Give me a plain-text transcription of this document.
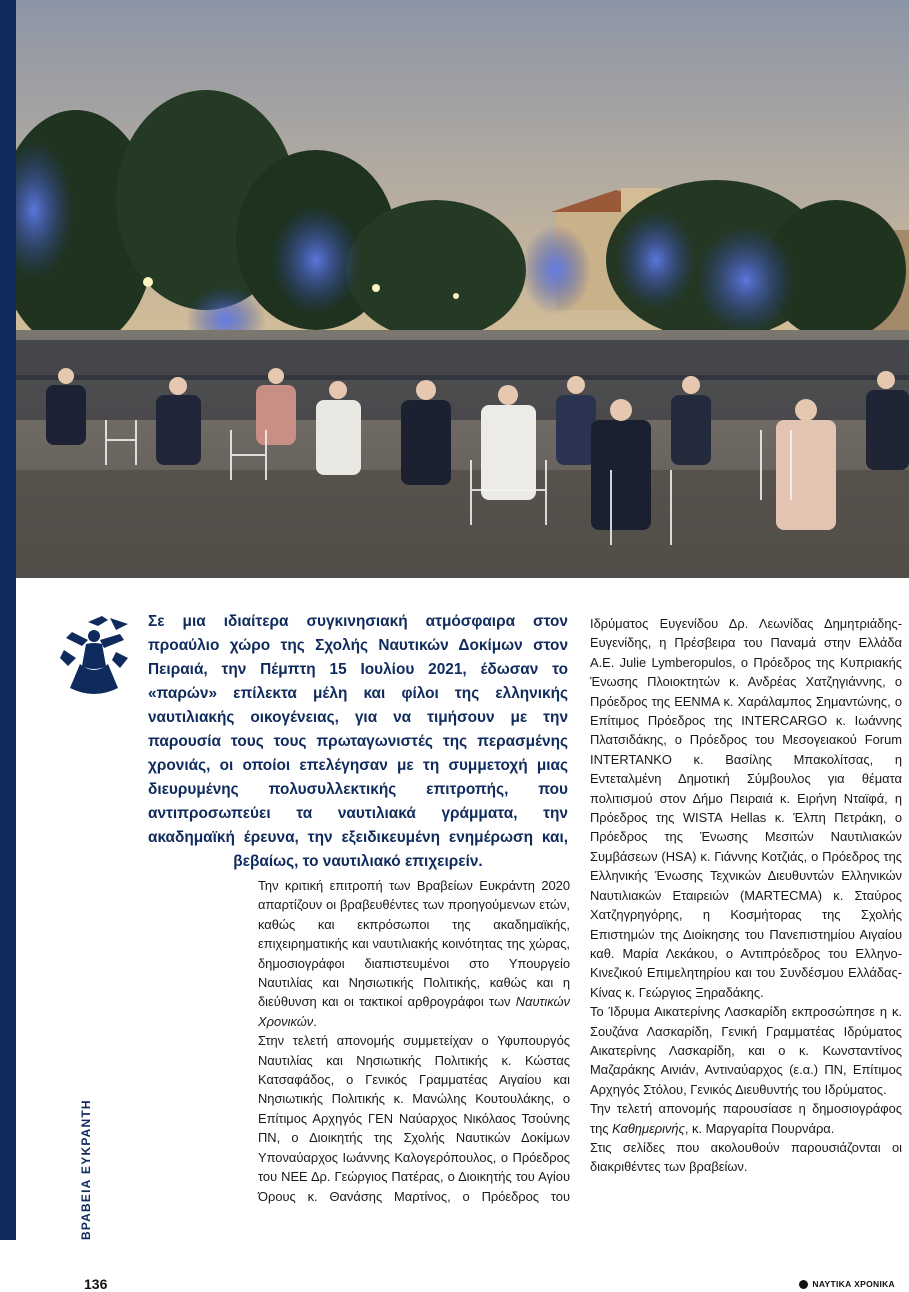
Σε μια ιδιαίτερα συγκινησιακή ατμόσφαιρα στον προαύλιο χώρο της Σχολής Ναυτικών Δοκίμων στον Πειραιά, την Πέμπτη 15 Ιουλίου 2021, έδωσαν το «παρών» επίλεκτα μέλη και φίλοι της ελληνικής ναυτιλιακής οικογένειας, για να τιμήσουν με την παρουσία τους τους πρωταγωνιστές της περασμένης χρονιάς, οι οποίοι επελέγησαν με τη συμμετοχή μιας διευρυμένης πολυσυλλεκτικής επιτροπής, που αντιπροσωπεύει τα ναυτιλιακά γράμματα, την ακαδημαϊκή έρευνα, την εξειδικευμένη ενημέρωση και, βεβαίως, το ναυτιλιακό επιχειρείν.

Την κριτική επιτροπή των Βραβείων Ευκράντη 2020 απαρτίζουν οι βραβευθέντες των προηγούμενων ετών, καθώς και εκπρόσωποι της ακαδημαϊκής, επιχειρηματικής και ναυτιλιακής κοινότητας της χώρας, δημοσιογράφοι διαπιστευμένοι στο Υπουργείο Ναυτιλίας και Νησιωτικής Πολιτικής, καθώς και η διεύθυνση και οι τακτικοί αρθρογράφοι των Ναυτικών Χρονικών.

Στην τελετή απονομής συμμετείχαν ο Υφυπουργός Ναυτιλίας και Νησιωτικής Πολιτικής κ. Κώστας Κατσαφάδος, ο Γενικός Γραμματέας Αιγαίου και Νησιωτικής Πολιτικής κ. Μανώλης Κουτουλάκης, ο Επίτιμος Αρχηγός ΓΕΝ Ναύαρχος Νικόλαος Τσούνης ΠΝ, ο Διοικητής της Σχολής Ναυτικών Δοκίμων Υποναύαρχος Ιωάννης Καλογερόπουλος, ο Πρόεδρος του ΝΕΕ Δρ. Γεώργιος Πατέρας, ο Διοικητής του Αγίου Όρους κ. Θανάσης Μαρτίνος, ο Πρόεδρος του

Ιδρύματος Ευγενίδου Δρ. Λεωνίδας Δημητριάδης-Ευγενίδης, η Πρέσβειρα του Παναμά στην Ελλάδα Α.Ε. Julie Lymberopulos, ο Πρόεδρος της Κυπριακής Ένωσης Πλοιοκτητών κ. Ανδρέας Χατζηγιάννης, ο Πρόεδρος της ΕΕΝΜΑ κ. Χαράλαμπος Σημαντώνης, ο Επίτιμος Πρόεδρος της INTERCARGO κ. Ιωάννης Πλατσιδάκης, ο Πρόεδρος του Μεσογειακού Forum INTERTANKO κ. Βασίλης Μπακολίτσας, η Εντεταλμένη Δημοτική Σύμβουλος για θέματα πολιτισμού στον Δήμο Πειραιά κ. Ειρήνη Νταϊφά, η Πρόεδρος της WISTA Hellas κ. Έλπη Πετράκη, ο Πρόεδρος της Ένωσης Μεσιτών Ναυτιλιακών Συμβάσεων (HSA) κ. Γιάννης Κοτζιάς, ο Πρόεδρος της Ελληνικής Ένωσης Τεχνικών Διευθυντών Ελληνικών Ναυτιλιακών Εταιρειών (MARTECMA) κ. Σταύρος Χατζηγρηγόρης, η Κοσμήτορας της Σχολής Επιστημών της Διοίκησης του Πανεπιστημίου Αιγαίου καθ. Μαρία Λεκάκου, ο Αντιπρόεδρος του Ελληνο-Κινεζικού Επιμελητηρίου και του Συνδέσμου Ελλάδας-Κίνας κ. Γεώργιος Ξηραδάκης.

Το Ίδρυμα Αικατερίνης Λασκαρίδη εκπροσώπησε η κ. Σουζάνα Λασκαρίδη, Γενική Γραμματέας Ιδρύματος Αικατερίνης Λασκαρίδη, και ο κ. Κωνσταντίνος Μαζαράκης Αινιάν, Αντιναύαρχος (ε.α.) ΠΝ, Επίτιμος Αρχηγός Στόλου, Γενικός Διευθυντής του Ιδρύματος.

Την τελετή απονομής παρουσίασε η δημοσιογράφος της Καθημερινής, κ. Μαργαρίτα Πουρνάρα.

Στις σελίδες που ακολουθούν παρουσιάζονται οι διακριθέντες των βραβείων.

ΒΡΑΒΕΙΑ ΕΥΚΡΑΝΤΗ
136	ΝΑΥΤΙΚΑ ΧΡΟΝΙΚΑ
